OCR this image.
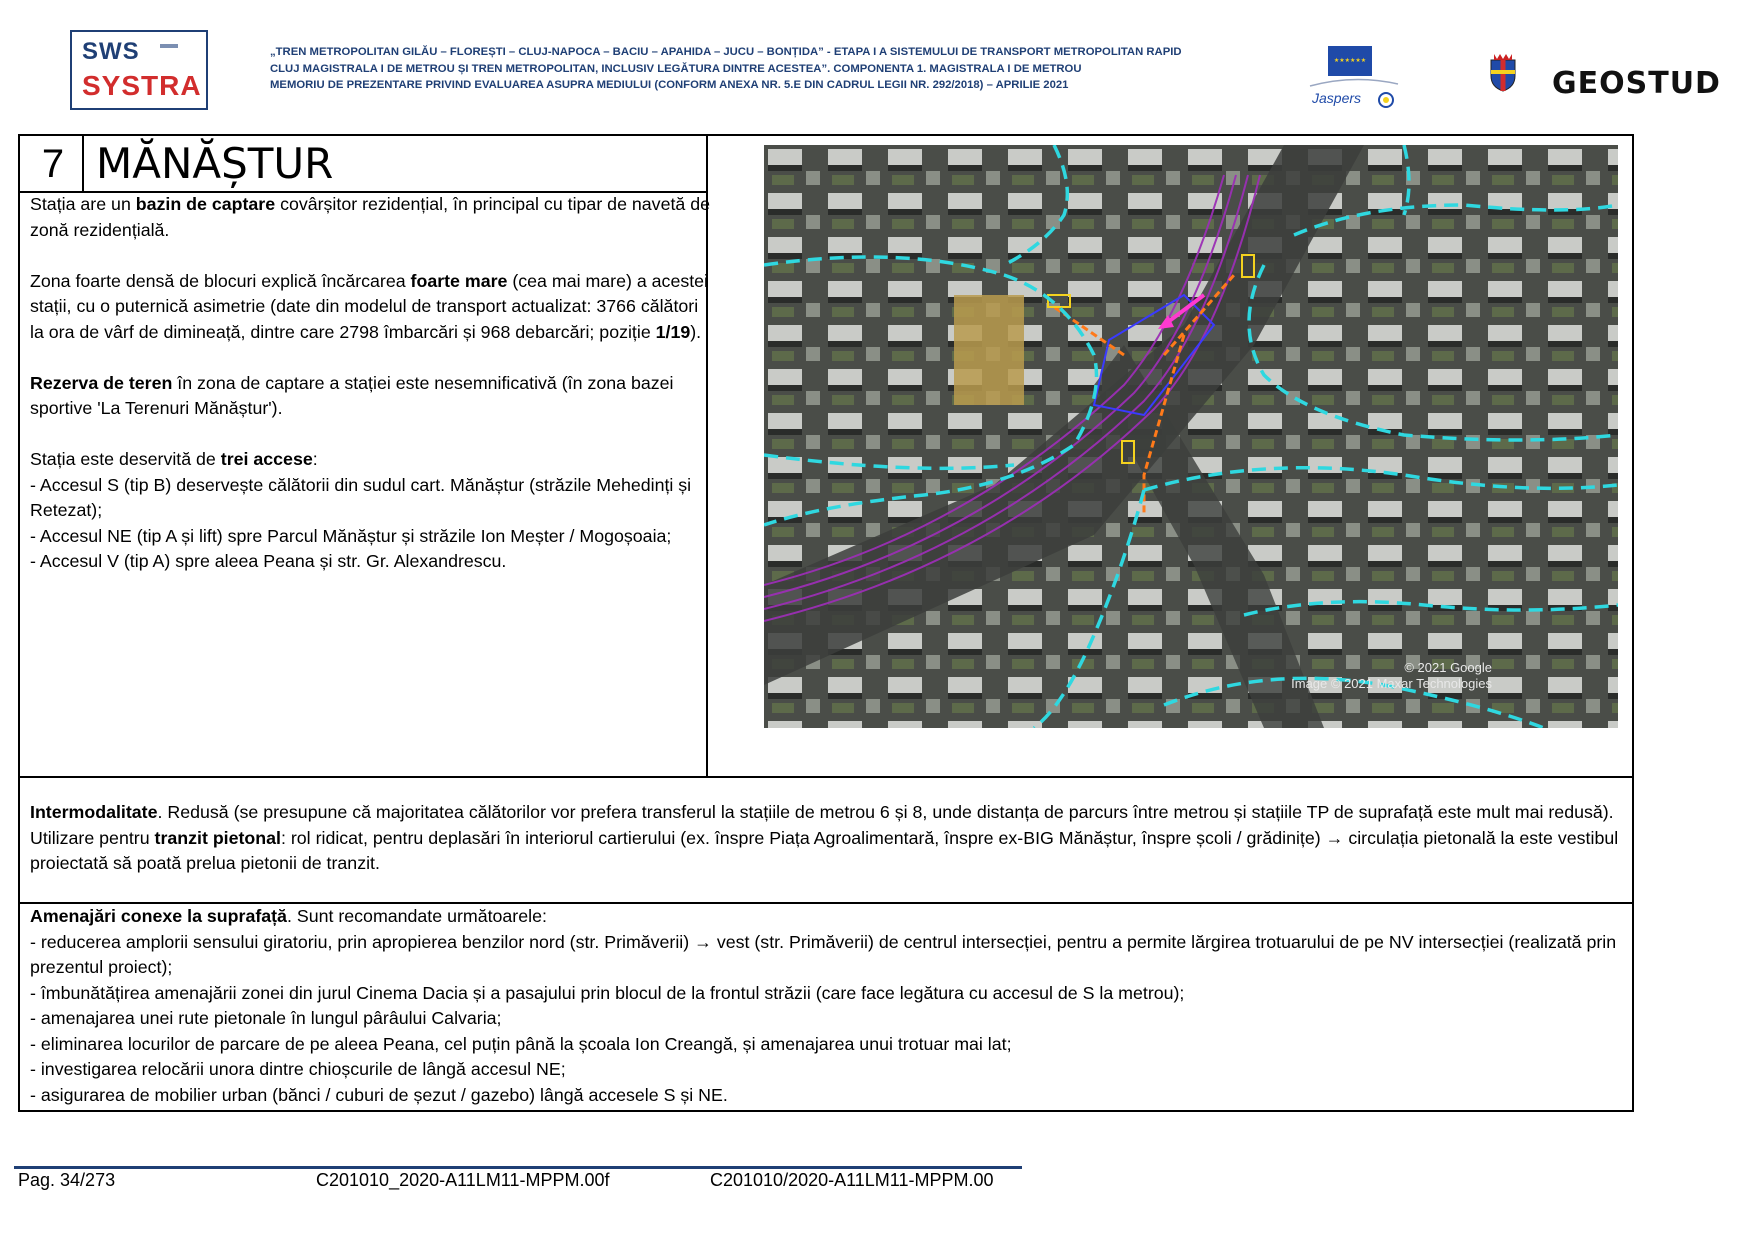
SWS
SYSTRA
„TREN METROPOLITAN GILĂU – FLOREȘTI – CLUJ-NAPOCA – BACIU – APAHIDA – JUCU – BONȚIDA” - ETAPA I A SISTEMULUI DE TRANSPORT METROPOLITAN RAPID
CLUJ MAGISTRALA I DE METROU ȘI TREN METROPOLITAN, INCLUSIV LEGĂTURA DINTRE ACESTEA”. COMPONENTA 1. MAGISTRALA I DE METROU
MEMORIU DE PREZENTARE PRIVIND EVALUAREA ASUPRA MEDIULUI (CONFORM ANEXA NR. 5.E DIN CADRUL LEGII NR. 292/2018) – APRILIE 2021
★★★★★★
Jaspers	GEOSTUD
7 MĂNĂȘTUR

Stația are un bazin de captare covârșitor rezidențial, în principal cu tipar de navetă de zonă rezidențială.

Zona foarte densă de blocuri explică încărcarea foarte mare (cea mai mare) a acestei stații, cu o puternică asimetrie (date din modelul de transport actualizat: 3766 călători la ora de vârf de dimineață, dintre care 2798 îmbarcări și 968 debarcări; poziție 1/19).

Rezerva de teren în zona de captare a stației este nesemnificativă (în zona bazei sportive 'La Terenuri Mănăștur').

Stația este deservită de trei accese:
- Accesul S (tip B) deservește călătorii din sudul cart. Mănăștur (străzile Mehedinți și Retezat);
- Accesul NE (tip A și lift) spre Parcul Mănăștur și străzile Ion Meșter / Mogoșoaia;
- Accesul V (tip A) spre aleea Peana și str. Gr. Alexandrescu.

© 2021 Google
Image © 2021 Maxar Technologies
Intermodalitate. Redusă (se presupune că majoritatea călătorilor vor prefera transferul la stațiile de metrou 6 și 8, unde distanța de parcurs între metrou și stațiile TP de suprafață este mult mai redusă).
Utilizare pentru tranzit pietonal: rol ridicat, pentru deplasări în interiorul cartierului (ex. înspre Piața Agroalimentară, înspre ex-BIG Mănăștur, înspre școli / grădinițe) → circulația pietonală la este vestibul proiectată să poată prelua pietonii de tranzit.

Amenajări conexe la suprafață. Sunt recomandate următoarele:

- reducerea amplorii sensului giratoriu, prin apropierea benzilor nord (str. Primăverii) → vest (str. Primăverii) de centrul intersecției, pentru a permite lărgirea trotuarului de pe NV intersecției (realizată prin prezentul proiect);

- îmbunătățirea amenajării zonei din jurul Cinema Dacia și a pasajului prin blocul de la frontul străzii (care face legătura cu accesul de S la metrou);

- amenajarea unei rute pietonale în lungul pârâului Calvaria;

- eliminarea locurilor de parcare de pe aleea Peana, cel puțin până la școala Ion Creangă, și amenajarea unui trotuar mai lat;

- investigarea relocării unora dintre chioșcurile de lângă accesul NE;

- asigurarea de mobilier urban (bănci / cuburi de șezut / gazebo) lângă accesele S și NE.

Pag. 34/273	C201010_2020-A11LM11-MPPM.00f	C201010/2020-A11LM11-MPPM.00
